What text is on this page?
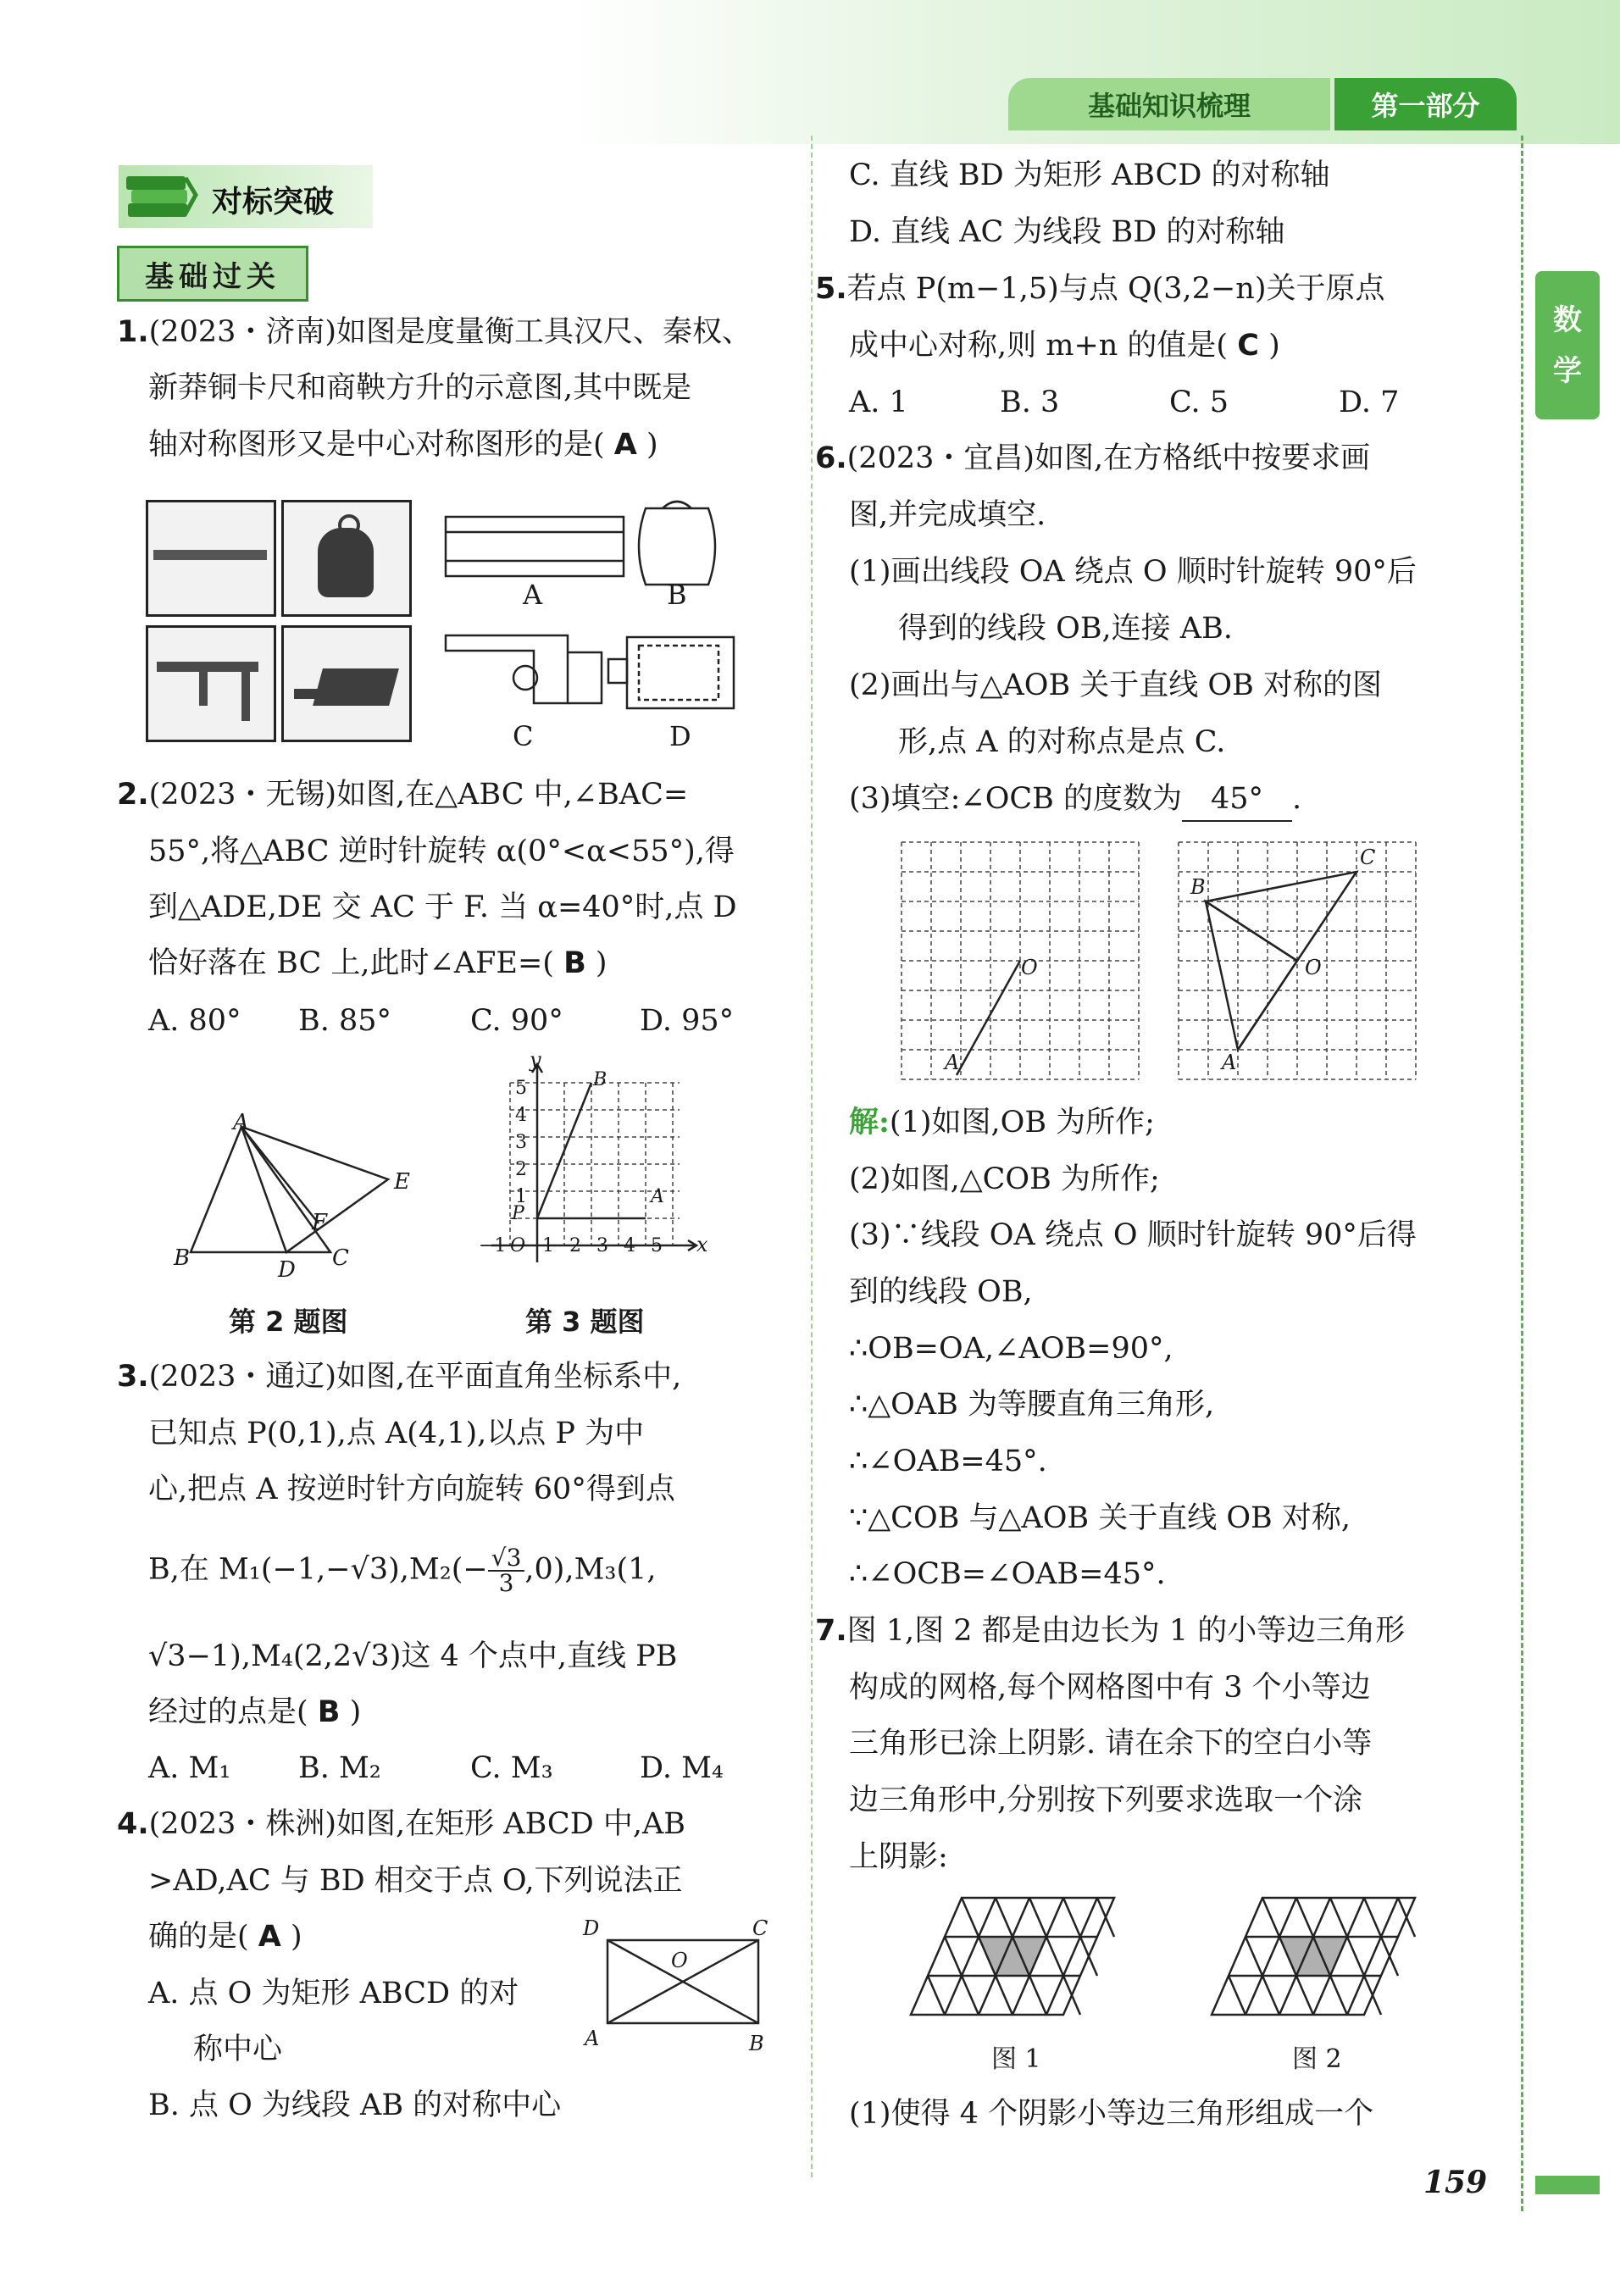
基础知识梳理	第一部分
数
学
159
对标突破
基础过关
1.(2023・济南)如图是度量衡工具汉尺、秦权、
新莽铜卡尺和商鞅方升的示意图,其中既是
轴对称图形又是中心对称图形的是( A )
A	B
C	D
2.(2023・无锡)如图,在△ABC 中,∠BAC=
55°,将△ABC 逆时针旋转 α(0°<α<55°),得
到△ADE,DE 交 AC 于 F. 当 α=40°时,点 D
恰好落在 BC 上,此时∠AFE=( B )
A. 80° B. 85°	C. 90°	D. 95°
A
B	C
D
E
F
第 2 题图
y
x
5
4
3
2
1
−1 O 1 2 3 4 5
P
A
B
第 3 题图
3.(2023・通辽)如图,在平面直角坐标系中,
已知点 P(0,1),点 A(4,1),以点 P 为中
心,把点 A 按逆时针方向旋转 60°得到点
B,在 $M_1(-1,-√3),M_2(- \frac{√3}{3} ,0),M_3(1$,
√3−1),M₄(2,2√3)这 4 个点中,直线 PB
经过的点是( B )
A. M₁ B. M₂	C. M₃	D. M₄
4.(2023・株洲)如图,在矩形 ABCD 中,AB
>AD,AC 与 BD 相交于点 O,下列说法正
确的是( A )
A. 点 O 为矩形 ABCD 的对
称中心
B. 点 O 为线段 AB 的对称中心
D	C
A	B
O
C. 直线 BD 为矩形 ABCD 的对称轴
D. 直线 AC 为线段 BD 的对称轴
5.若点 P(m−1,5)与点 Q(3,2−n)关于原点
成中心对称,则 m+n 的值是( C )
A. 1	B. 3	C. 5	D. 7
6.(2023・宜昌)如图,在方格纸中按要求画
图,并完成填空.
(1)画出线段 OA 绕点 O 顺时针旋转 90°后
得到的线段 OB,连接 AB.
(2)画出与△AOB 关于直线 OB 对称的图
形,点 A 的对称点是点 C.
(3)填空:∠OCB 的度数为 45° .
O
A
O
A
B
C
解:(1)如图,OB 为所作;
(2)如图,△COB 为所作;
(3)∵线段 OA 绕点 O 顺时针旋转 90°后得
到的线段 OB,
∴OB=OA,∠AOB=90°,
∴△OAB 为等腰直角三角形,
∴∠OAB=45°.
∵△COB 与△AOB 关于直线 OB 对称,
∴∠OCB=∠OAB=45°.
7.图 1,图 2 都是由边长为 1 的小等边三角形
构成的网格,每个网格图中有 3 个小等边
三角形已涂上阴影. 请在余下的空白小等
边三角形中,分别按下列要求选取一个涂
上阴影:
图 1	图 2
(1)使得 4 个阴影小等边三角形组成一个
